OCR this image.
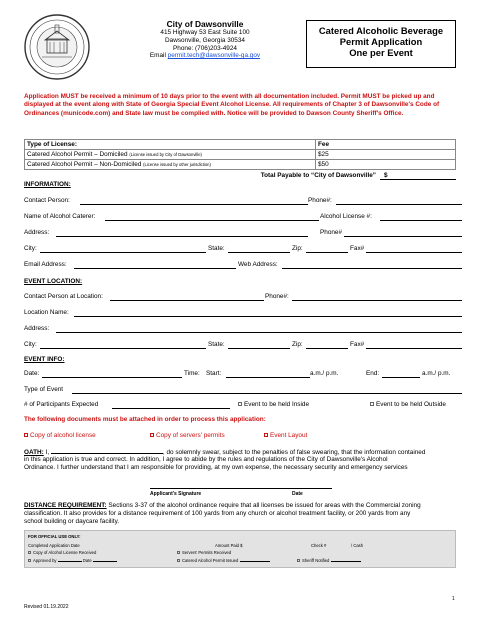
City of Dawsonville
415 Highway 53 East Suite 100
Dawsonville, Georgia 30534
Phone: (706)203-4924
Email permit.tech@dawsonville-ga.gov
Catered Alcoholic Beverage
Permit Application
One per Event
Application MUST be received a minimum of 10 days prior to the event with all documentation included. Permit MUST be picked up and displayed at the event along with State of Georgia Special Event Alcohol License. All requirements of Chapter 3 of Dawsonville's Code of Ordinances (municode.com) and State law must be complied with. Notice will be provided to Dawson County Sheriff's Office.
Type of License:	Fee
Catered Alcohol Permit – Domiciled (License issued by City of Dawsonville)	$25
Catered Alcohol Permit – Non-Domiciled (License issued by other jurisdiction)	$50
Total Payable to “City of Dawsonville” $
INFORMATION:
Contact Person:	Phone#:
Name of Alcohol Caterer:	Alcohol License #:
Address:	Phone#
City:	State:	Zip:	Fax#
Email Address:	Web Address:
EVENT LOCATION:
Contact Person at Location:	Phone#:
Location Name:
Address:
City:	State:	Zip:	Fax#
EVENT INFO:
Date:	Time: Start:	a.m./ p.m.	End:	a.m./ p.m.
Type of Event
# of Participants Expected	Event to be held Inside	Event to be held Outside
The following documents must be attached in order to process this application:
Copy of alcohol license	Copy of servers' permits	Event Layout
OATH: I,	, do solemnly swear, subject to the penalties of false swearing, that the information contained
in this application is true and correct. In addition, I agree to abide by the rules and regulations of the City of Dawsonville's Alcohol
Ordinance. I further understand that I am responsible for providing, at my own expense, the necessary security and emergency services
Applicant's Signature	Date
DISTANCE REQUIREMENT: Sections 3-37 of the alcohol ordinance require that all licenses be issued for areas with the Commercial zoning
classification. It also provides for a distance requirement of 100 yards from any church or alcohol treatment facility, or 200 yards from any
school building or daycare facility.
FOR OFFICIAL USE ONLY:
Completed Application Date	Amount Paid $	Check #	/ Cash
Copy of Alcohol License Received	Servers' Permits Received
Approved by	Date	Catered Alcohol Permit Issued	Sheriff Notified
1
Revised 01.19.2022
